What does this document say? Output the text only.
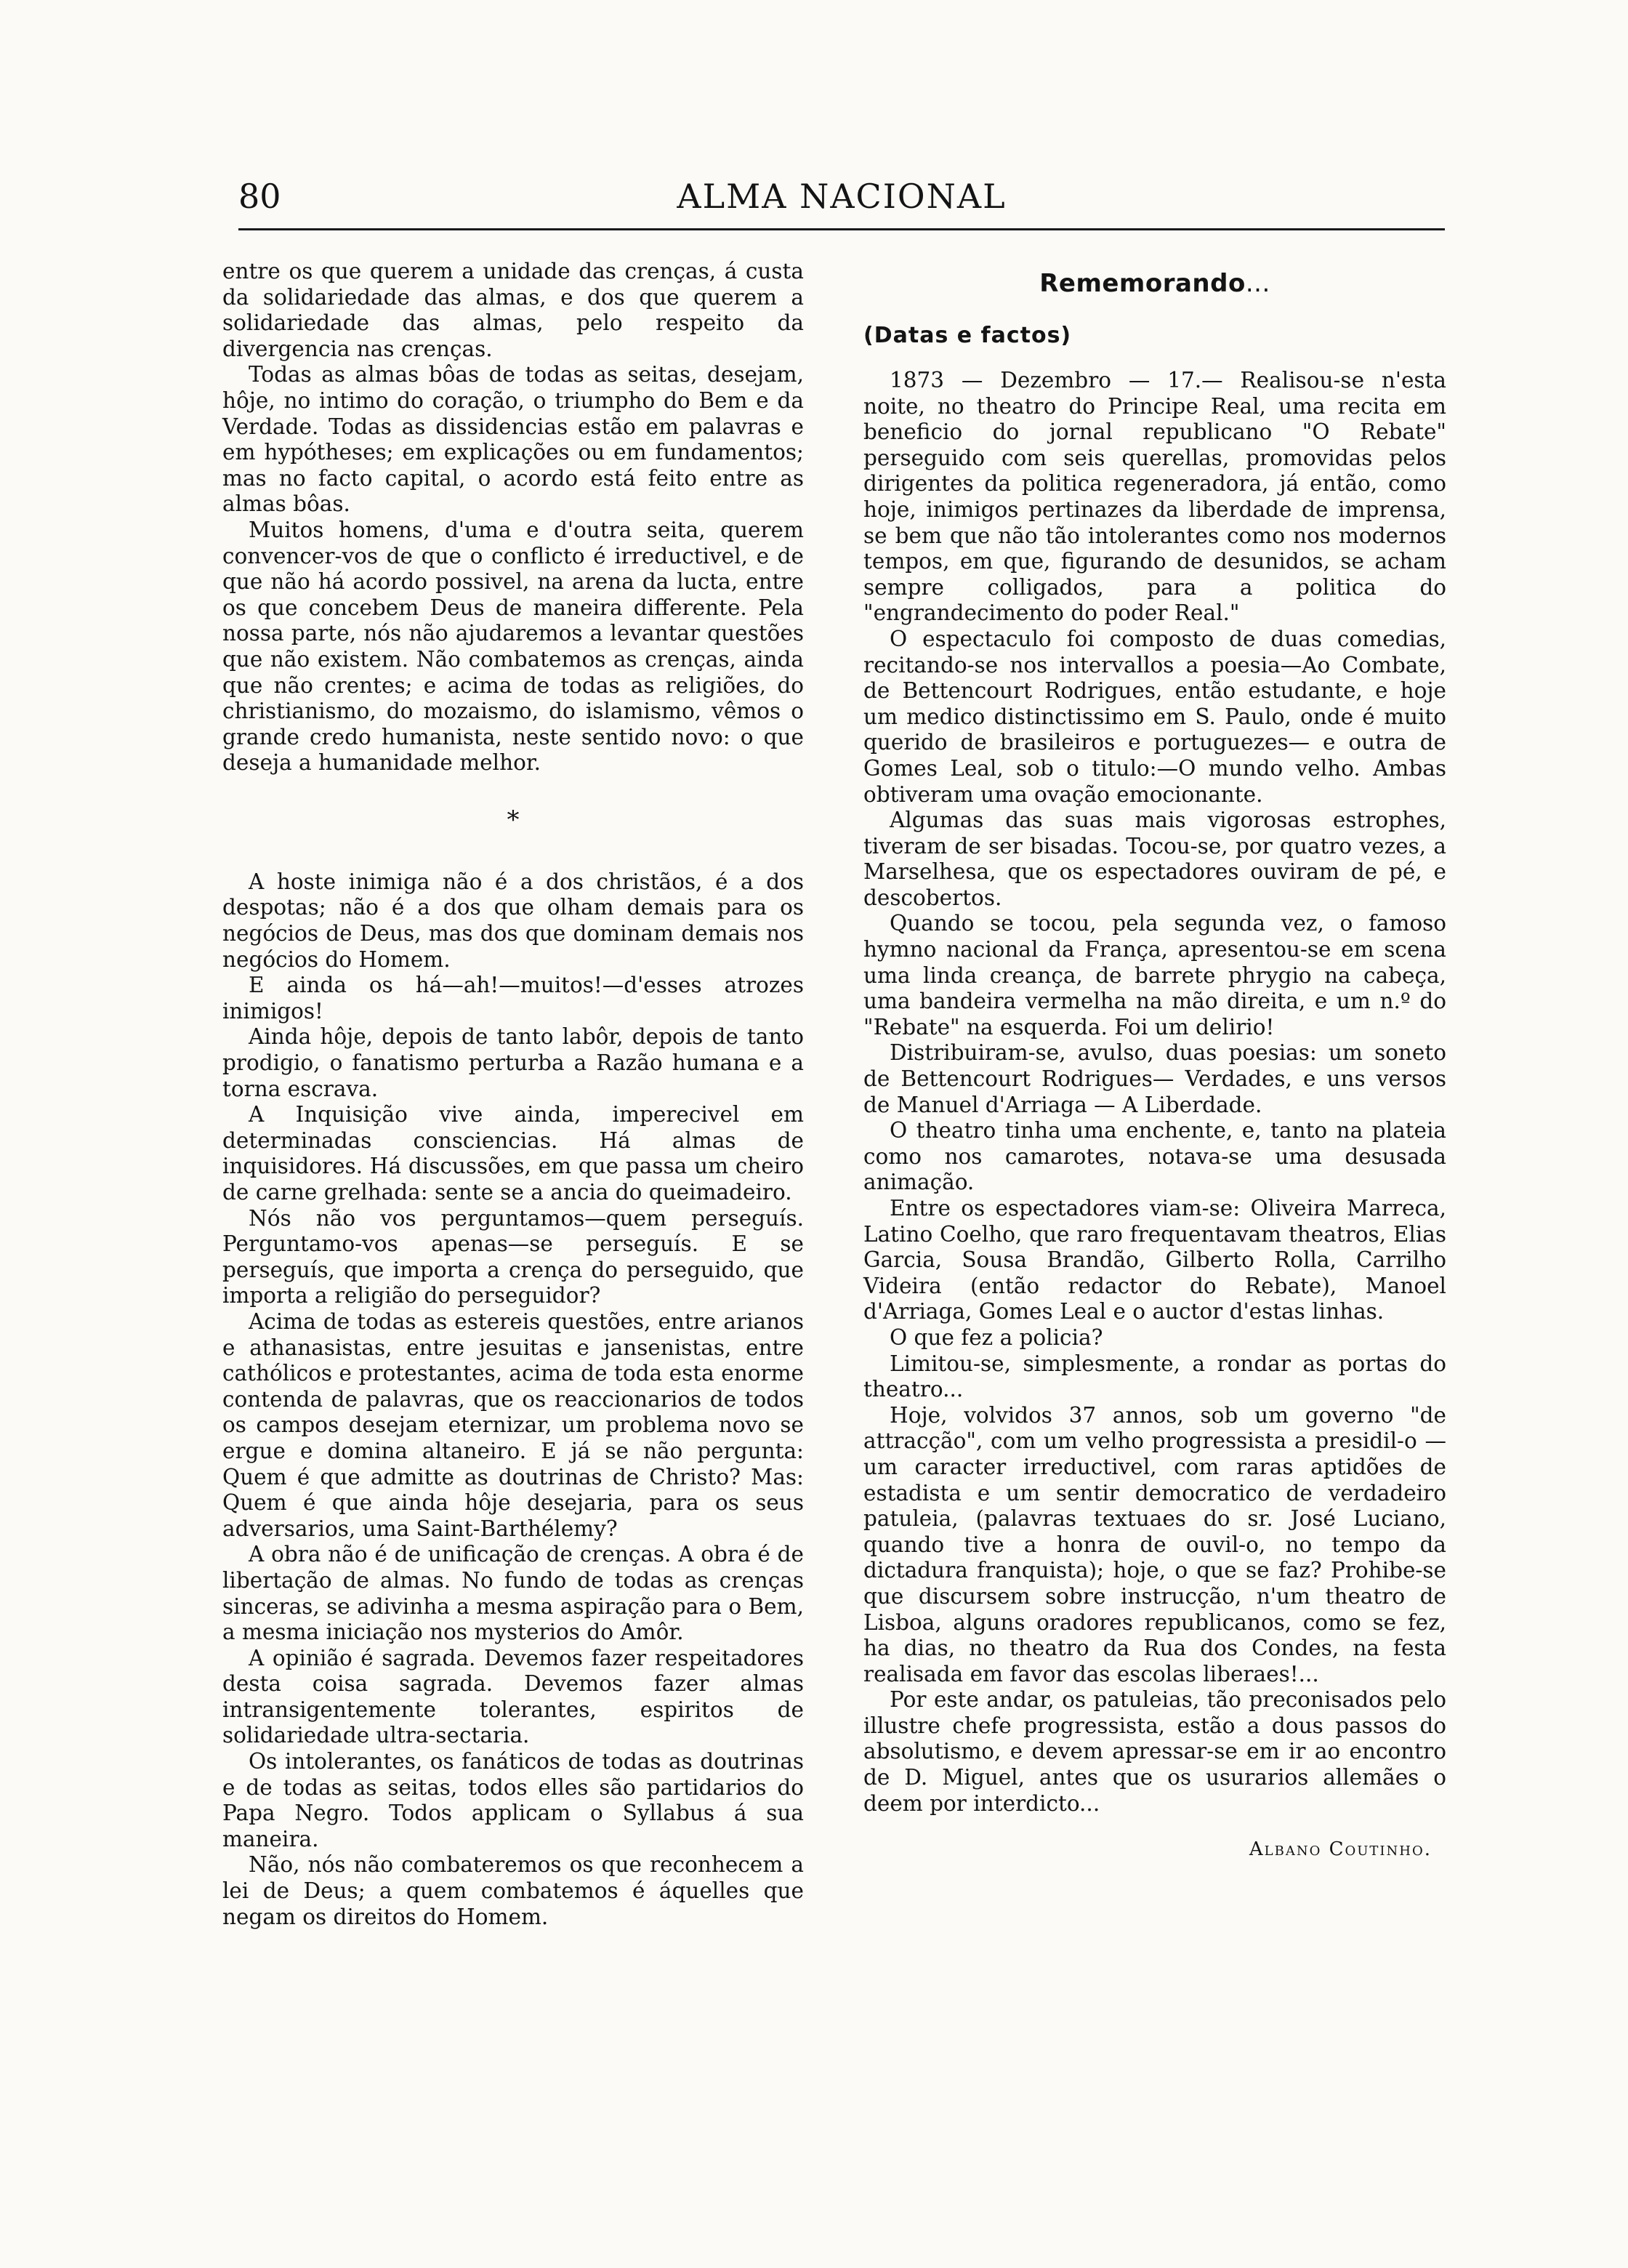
80	ALMA NACIONAL

entre os que querem a unidade das crenças, á custa da solidariedade das almas, e dos que querem a solidariedade das almas, pelo respeito da divergencia nas crenças.

Todas as almas bôas de todas as seitas, desejam, hôje, no intimo do coração, o triumpho do Bem e da Verdade. Todas as dissidencias estão em palavras e em hypótheses; em explicações ou em fundamentos; mas no facto capital, o acordo está feito entre as almas bôas.

Muitos homens, d'uma e d'outra seita, querem convencer-vos de que o conflicto é irreductivel, e de que não há acordo possivel, na arena da lucta, entre os que concebem Deus de maneira differente. Pela nossa parte, nós não ajudaremos a levantar questões que não existem. Não combatemos as crenças, ainda que não crentes; e acima de todas as religiões, do christianismo, do mozaismo, do islamismo, vêmos o grande credo humanista, neste sentido novo: o que deseja a humanidade melhor.

*

A hoste inimiga não é a dos christãos, é a dos despotas; não é a dos que olham demais para os negócios de Deus, mas dos que dominam demais nos negócios do Homem.

E ainda os há—ah!—muitos!—d'esses atrozes inimigos!

Ainda hôje, depois de tanto labôr, depois de tanto prodigio, o fanatismo perturba a Razão humana e a torna escrava.

A Inquisição vive ainda, imperecivel em determinadas consciencias. Há almas de inquisidores. Há discussões, em que passa um cheiro de carne grelhada: sente se a ancia do queimadeiro.

Nós não vos perguntamos—quem perseguís. Perguntamo-vos apenas—se perseguís. E se perseguís, que importa a crença do perseguido, que importa a religião do perseguidor?

Acima de todas as estereis questões, entre arianos e athanasistas, entre jesuitas e jansenistas, entre cathólicos e protestantes, acima de toda esta enorme contenda de palavras, que os reaccionarios de todos os campos desejam eternizar, um problema novo se ergue e domina altaneiro. E já se não pergunta: Quem é que admitte as doutrinas de Christo? Mas: Quem é que ainda hôje desejaria, para os seus adversarios, uma Saint-Barthélemy?

A obra não é de unificação de crenças. A obra é de libertação de almas. No fundo de todas as crenças sinceras, se adivinha a mesma aspiração para o Bem, a mesma iniciação nos mysterios do Amôr.

A opinião é sagrada. Devemos fazer respeitadores desta coisa sagrada. Devemos fazer almas intransigentemente tolerantes, espiritos de solidariedade ultra-sectaria.

Os intolerantes, os fanáticos de todas as doutrinas e de todas as seitas, todos elles são partidarios do Papa Negro. Todos applicam o Syllabus á sua maneira.

Não, nós não combateremos os que reconhecem a lei de Deus; a quem combatemos é áquelles que negam os direitos do Homem.

Rememorando...
(Datas e factos)

1873 — Dezembro — 17.— Realisou-se n'esta noite, no theatro do Principe Real, uma recita em beneficio do jornal republicano "O Rebate" perseguido com seis querellas, promovidas pelos dirigentes da politica regeneradora, já então, como hoje, inimigos pertinazes da liberdade de imprensa, se bem que não tão intolerantes como nos modernos tempos, em que, figurando de desunidos, se acham sempre colligados, para a politica do "engrandecimento do poder Real."

O espectaculo foi composto de duas comedias, recitando-se nos intervallos a poesia—Ao Combate, de Bettencourt Rodrigues, então estudante, e hoje um medico distinctissimo em S. Paulo, onde é muito querido de brasileiros e portuguezes— e outra de Gomes Leal, sob o titulo:—O mundo velho. Ambas obtiveram uma ovação emocionante.

Algumas das suas mais vigorosas estrophes, tiveram de ser bisadas. Tocou-se, por quatro vezes, a Marselhesa, que os espectadores ouviram de pé, e descobertos.

Quando se tocou, pela segunda vez, o famoso hymno nacional da França, apresentou-se em scena uma linda creança, de barrete phrygio na cabeça, uma bandeira vermelha na mão direita, e um n.º do "Rebate" na esquerda. Foi um delirio!

Distribuiram-se, avulso, duas poesias: um soneto de Bettencourt Rodrigues— Verdades, e uns versos de Manuel d'Arriaga — A Liberdade.

O theatro tinha uma enchente, e, tanto na plateia como nos camarotes, notava-se uma desusada animação.

Entre os espectadores viam-se: Oliveira Marreca, Latino Coelho, que raro frequentavam theatros, Elias Garcia, Sousa Brandão, Gilberto Rolla, Carrilho Videira (então redactor do Rebate), Manoel d'Arriaga, Gomes Leal e o auctor d'estas linhas.

O que fez a policia?

Limitou-se, simplesmente, a rondar as portas do theatro...

Hoje, volvidos 37 annos, sob um governo "de attracção", com um velho progressista a presidil-o — um caracter irreductivel, com raras aptidões de estadista e um sentir democratico de verdadeiro patuleia, (palavras textuaes do sr. José Luciano, quando tive a honra de ouvil-o, no tempo da dictadura franquista); hoje, o que se faz? Prohibe-se que discursem sobre instrucção, n'um theatro de Lisboa, alguns oradores republicanos, como se fez, ha dias, no theatro da Rua dos Condes, na festa realisada em favor das escolas liberaes!...

Por este andar, os patuleias, tão preconisados pelo illustre chefe progressista, estão a dous passos do absolutismo, e devem apressar-se em ir ao encontro de D. Miguel, antes que os usurarios allemães o deem por interdicto...

Albano Coutinho.
